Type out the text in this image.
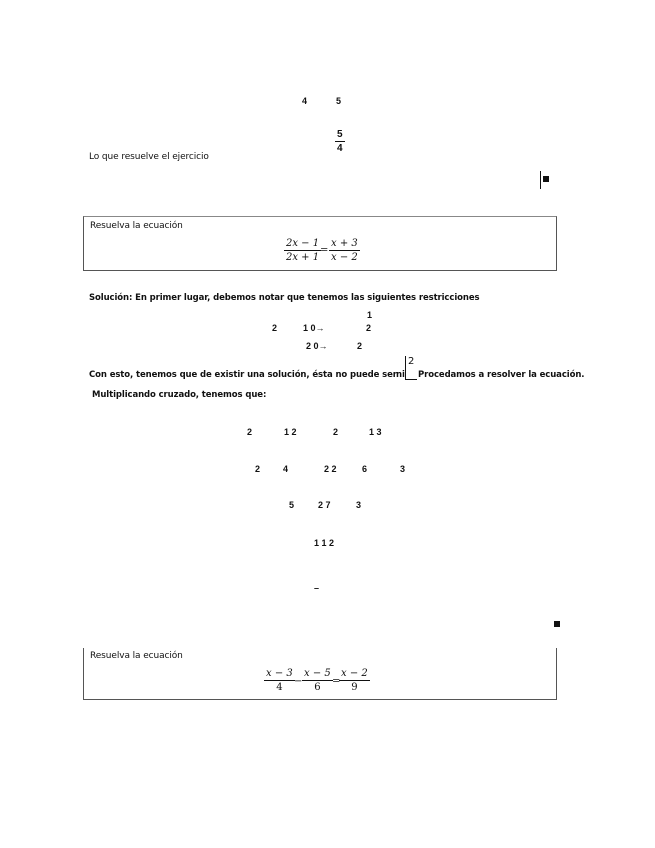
4	5
$\frac{5}{4}$
Lo que resuelve el ejercicio
Resuelva la ecuación
$\frac{2x - 1}{2x + 1}$
= $\frac{x + 3}{x - 2}$
Solución: En primer lugar, debemos notar que tenemos las siguientes restricciones
1
2	1 0→	2
2 0→	2
Con esto, tenemos que de existir una solución, ésta no puede ser ni
2
Procedamos a resolver la ecuación.
Multiplicando cruzado, tenemos que:
2	1 2	2	1 3
2	4	2 2	6	3
5	2 7	3
1 1 2
–
Resuelva la ecuación
$\frac{x - 3}{4} - \frac{x - 5}{6}$ =
$\frac{x - 2}{9}$
